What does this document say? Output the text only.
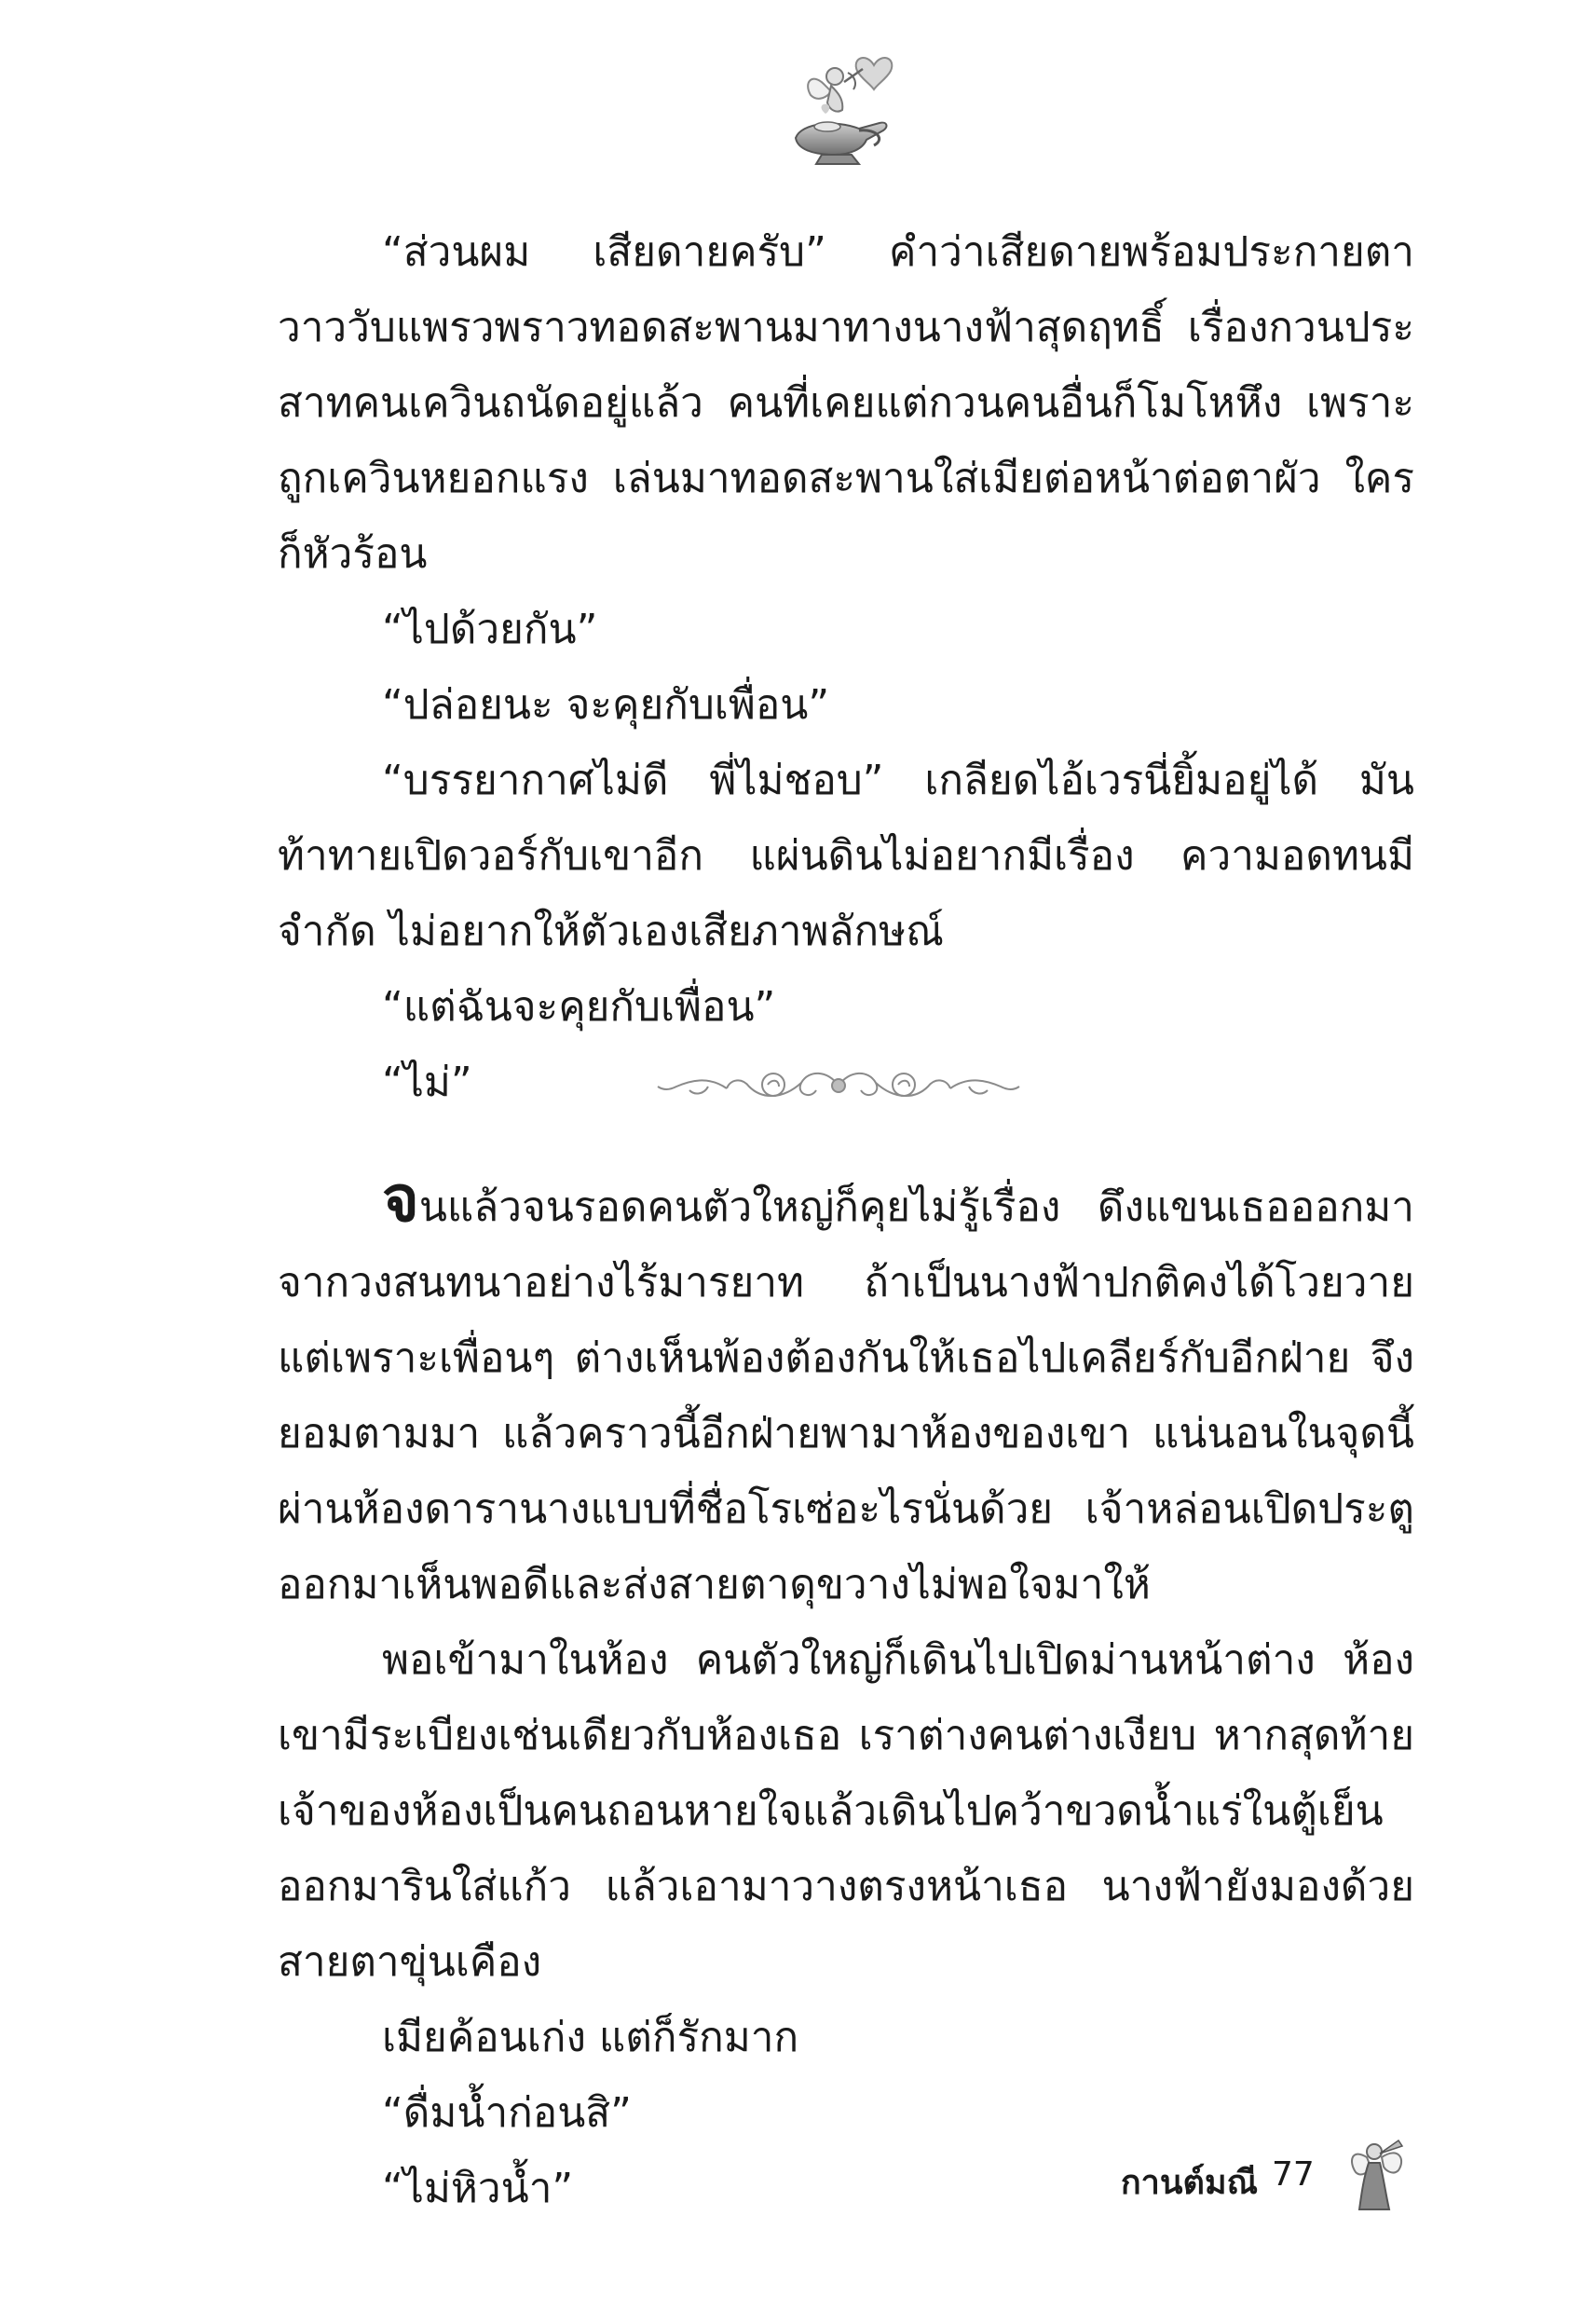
“ส่วนผม เสียดายครับ” คำว่าเสียดายพร้อมประกายตาวาววับแพรวพราวทอดสะพานมาทางนางฟ้าสุดฤทธิ์ เรื่องกวนประสาทคนเควินถนัดอยู่แล้ว คนที่เคยแต่กวนคนอื่นก็โมโหหึง เพราะถูกเควินหยอกแรง เล่นมาทอดสะพานใส่เมียต่อหน้าต่อตาผัว ใครก็หัวร้อน

“ไปด้วยกัน”

“ปล่อยนะ จะคุยกับเพื่อน”

“บรรยากาศไม่ดี พี่ไม่ชอบ” เกลียดไอ้เวรนี่ยิ้มอยู่ได้ มันท้าทายเปิดวอร์กับเขาอีก แผ่นดินไม่อยากมีเรื่อง ความอดทนมีจำกัด ไม่อยากให้ตัวเองเสียภาพลักษณ์

“แต่ฉันจะคุยกับเพื่อน”

“ไม่”

จนแล้วจนรอดคนตัวใหญ่ก็คุยไม่รู้เรื่อง ดึงแขนเธอออกมาจากวงสนทนาอย่างไร้มารยาท ถ้าเป็นนางฟ้าปกติคงได้โวยวาย แต่เพราะเพื่อนๆ ต่างเห็นพ้องต้องกันให้เธอไปเคลียร์กับอีกฝ่าย จึงยอมตามมา แล้วคราวนี้อีกฝ่ายพามาห้องของเขา แน่นอนในจุดนี้ผ่านห้องดารานางแบบที่ชื่อโรเซ่อะไรนั่นด้วย เจ้าหล่อนเปิดประตูออกมาเห็นพอดีและส่งสายตาดุขวางไม่พอใจมาให้

พอเข้ามาในห้อง คนตัวใหญ่ก็เดินไปเปิดม่านหน้าต่าง ห้องเขามีระเบียงเช่นเดียวกับห้องเธอ เราต่างคนต่างเงียบ หากสุดท้ายเจ้าของห้องเป็นคนถอนหายใจแล้วเดินไปคว้าขวดน้ำแร่ในตู้เย็นออกมารินใส่แก้ว แล้วเอามาวางตรงหน้าเธอ นางฟ้ายังมองด้วยสายตาขุ่นเคือง

เมียค้อนเก่ง แต่ก็รักมาก

“ดื่มน้ำก่อนสิ”

“ไม่หิวน้ำ”	กานต์มณี 77
